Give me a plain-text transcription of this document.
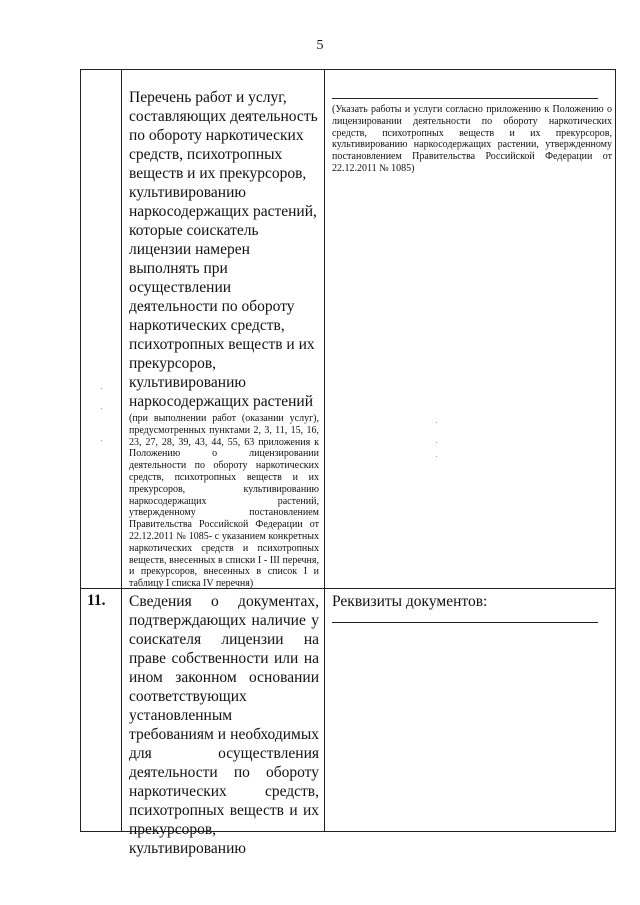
5

Перечень работ и услуг, составляющих деятельность по обороту наркотических средств, психотропных веществ и их прекурсоров, культивированию наркосодержащих растений, которые соискатель лицензии намерен выполнять при осуществлении деятельности по обороту наркотических средств, психотропных веществ и их прекурсоров, культивированию наркосодержащих растений

(при выполнении работ (оказании услуг), предусмотренных пунктами 2, 3, 11, 15, 16, 23, 27, 28, 39, 43, 44, 55, 63 приложения к Положению о лицензировании деятельности по обороту наркотических средств, психотропных веществ и их прекурсоров, культивированию наркосодержащих растений, утвержденному постановлением Правительства Российской Федерации от 22.12.2011 № 1085- с указанием конкретных наркотических средств и психотропных веществ, внесенных в списки I - III перечня, и прекурсоров, внесенных в список I и таблицу I списка IV перечня)

(Указать работы и услуги согласно приложению к Положению о лицензировании деятельности по обороту наркотических средств, психотропных веществ и их прекурсоров, культивированию наркосодержащих растении, утвержденному постановлением Правительства Российской Федерации от 22.12.2011 № 1085)

11.	Сведения о документах, подтверждающих наличие у соискателя лицензии на праве собственности или на ином законном основании соответствующих установленным требованиям и необходимых для осуществления деятельности по обороту наркотических средств, психотропных веществ и их прекурсоров, культивированию

Реквизиты документов:
